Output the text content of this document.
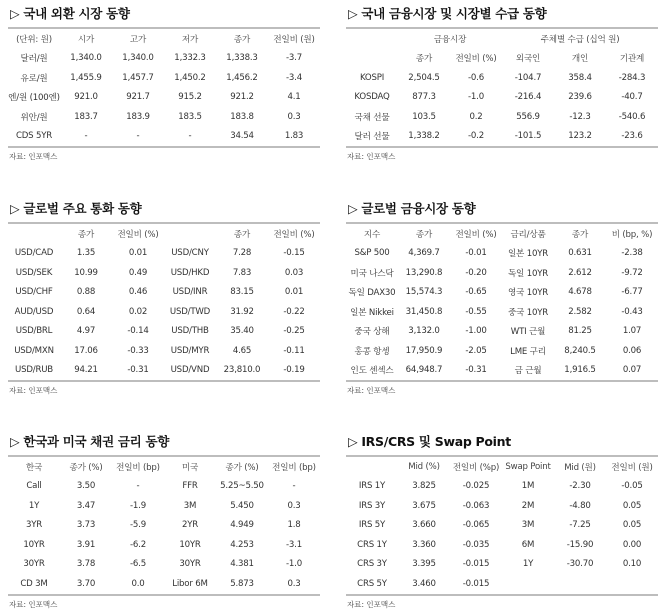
▷ 국내 외환 시장 동향
(단위: 원)	시가	고가	저가	종가	전일비 (원)
달러/원	1,340.0	1,340.0	1,332.3	1,338.3	-3.7
유로/원	1,455.9	1,457.7	1,450.2	1,456.2	-3.4
엔/원 (100엔)	921.0	921.7	915.2	921.2	4.1
위안/원	183.7	183.9	183.5	183.8	0.3
CDS 5YR	-	-	-	34.54	1.83
자료: 인포맥스
▷ 국내 금융시장 및 시장별 수급 동향
	금융시장		주체별 수급 (십억 원)		
	종가	전일비 (%)	외국인	개인	기관계
KOSPI	2,504.5	-0.6	-104.7	358.4	-284.3
KOSDAQ	877.3	-1.0	-216.4	239.6	-40.7
국채 선물	103.5	0.2	556.9	-12.3	-540.6
달러 선물	1,338.2	-0.2	-101.5	123.2	-23.6
자료: 인포맥스
▷ 글로벌 주요 통화 동향
	종가	전일비 (%)		종가	전일비 (%)
USD/CAD	1.35	0.01	USD/CNY	7.28	-0.15
USD/SEK	10.99	0.49	USD/HKD	7.83	0.03
USD/CHF	0.88	0.46	USD/INR	83.15	0.01
AUD/USD	0.64	0.02	USD/TWD	31.92	-0.22
USD/BRL	4.97	-0.14	USD/THB	35.40	-0.25
USD/MXN	17.06	-0.33	USD/MYR	4.65	-0.11
USD/RUB	94.21	-0.31	USD/VND	23,810.0	-0.19
자료: 인포맥스
▷ 글로벌 금융시장 동향
지수	종가	전일비 (%)	금리/상품	종가	비 (bp, %)
S&P 500	4,369.7	-0.01	일본 10YR	0.631	-2.38
미국 나스닥	13,290.8	-0.20	독일 10YR	2.612	-9.72
독일 DAX30	15,574.3	-0.65	영국 10YR	4.678	-6.77
일본 Nikkei	31,450.8	-0.55	중국 10YR	2.582	-0.43
중국 상해	3,132.0	-1.00	WTI 근월	81.25	1.07
홍콩 항셍	17,950.9	-2.05	LME 구리	8,240.5	0.06
인도 센섹스	64,948.7	-0.31	금 근월	1,916.5	0.07
자료: 인포맥스
▷ 한국과 미국 채권 금리 동향
한국	종가 (%)	전일비 (bp)	미국	종가 (%)	전일비 (bp)
Call	3.50	-	FFR	5.25~5.50	-
1Y	3.47	-1.9	3M	5.450	0.3
3YR	3.73	-5.9	2YR	4.949	1.8
10YR	3.91	-6.2	10YR	4.253	-3.1
30YR	3.78	-6.5	30YR	4.381	-1.0
CD 3M	3.70	0.0	Libor 6M	5.873	0.3
자료: 인포맥스
▷ IRS/CRS 및 Swap Point
	Mid (%)	전일비 (%p)	Swap Point	Mid (원)	전일비 (원)
IRS 1Y	3.825	-0.025	1M	-2.30	-0.05
IRS 3Y	3.675	-0.063	2M	-4.80	0.05
IRS 5Y	3.660	-0.065	3M	-7.25	0.05
CRS 1Y	3.360	-0.035	6M	-15.90	0.00
CRS 3Y	3.395	-0.015	1Y	-30.70	0.10
CRS 5Y	3.460	-0.015			
자료: 인포맥스
